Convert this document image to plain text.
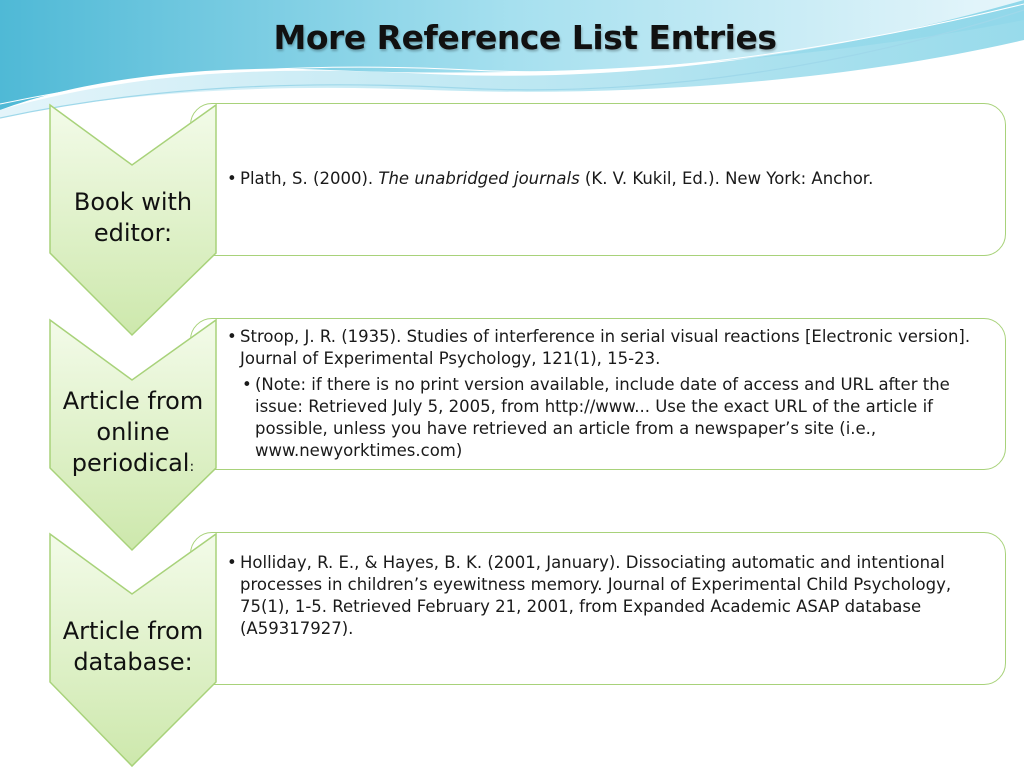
More Reference List Entries
Book with editor:

• Plath, S. (2000). The unabridged journals (K. V. Kukil, Ed.). New York: Anchor.

Article from online periodical:

• Stroop, J. R. (1935). Studies of interference in serial visual reactions [Electronic version]. Journal of Experimental Psychology, 121(1), 15-23.

• (Note: if there is no print version available, include date of access and URL after the issue: Retrieved July 5, 2005, from http://www... Use the exact URL of the article if possible, unless you have retrieved an article from a newspaper’s site (i.e., www.newyorktimes.com)

Article from database:

• Holliday, R. E., & Hayes, B. K. (2001, January). Dissociating automatic and intentional processes in children’s eyewitness memory. Journal of Experimental Child Psychology, 75(1), 1-5. Retrieved February 21, 2001, from Expanded Academic ASAP database (A59317927).
